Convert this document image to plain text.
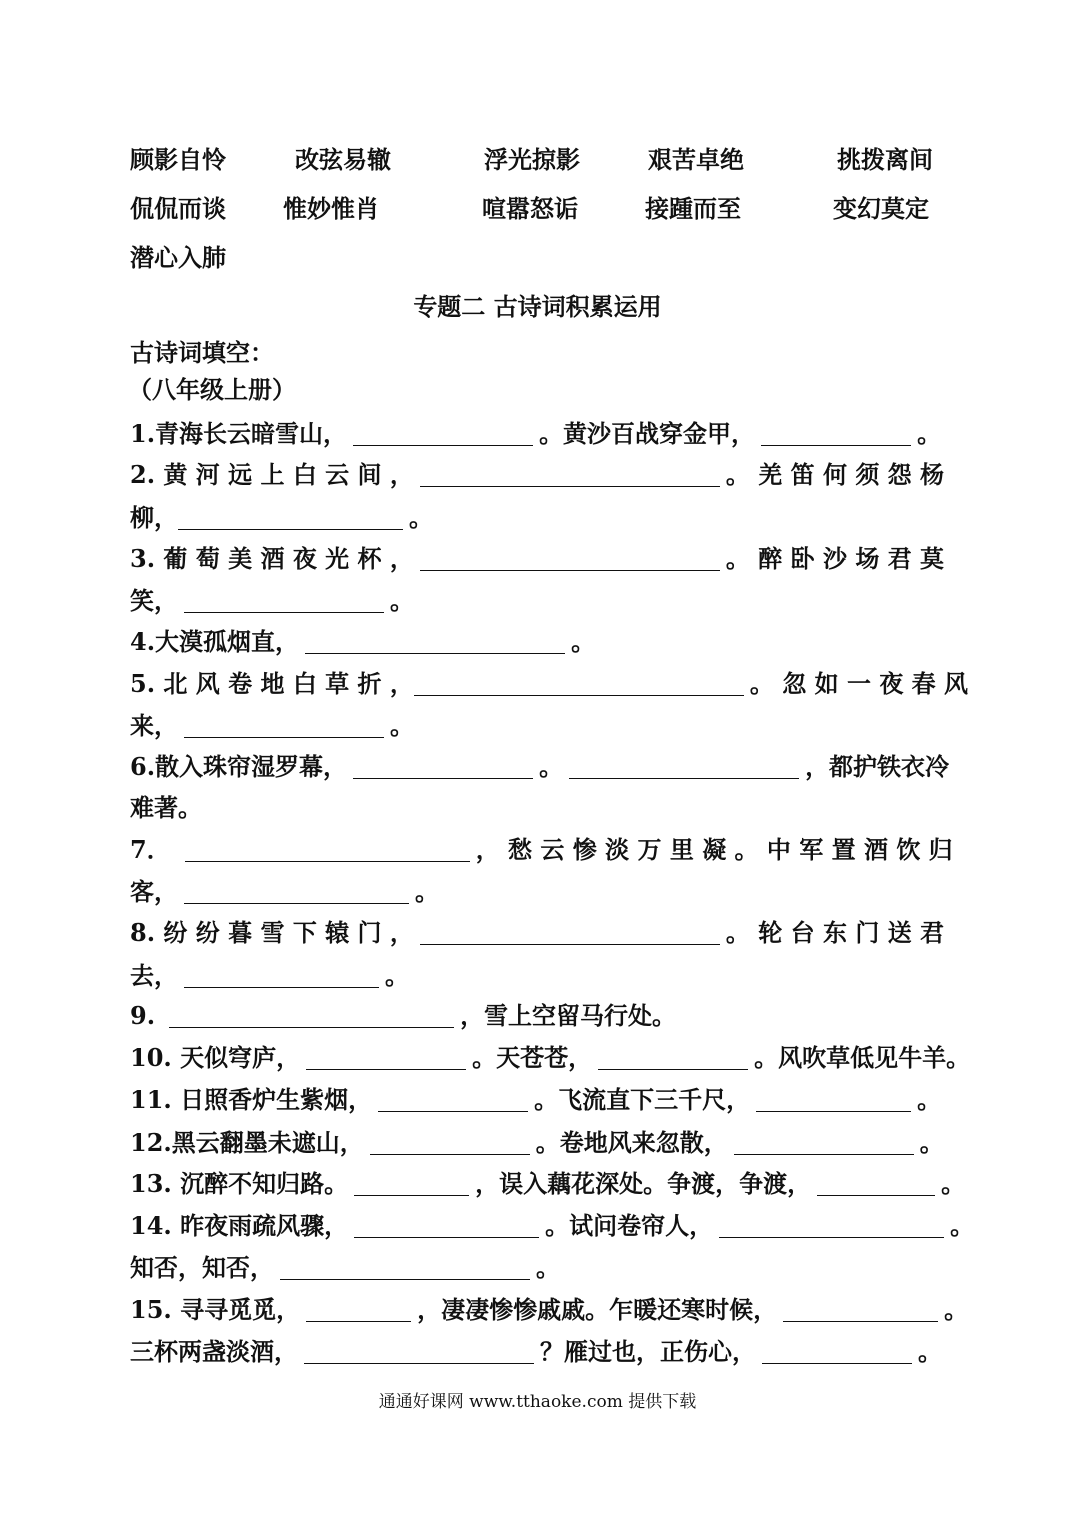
顾影自怜	改弦易辙	浮光掠影	艰苦卓绝	挑拨离间
侃侃而谈 惟妙惟肖	喧嚣怒诟	接踵而至	变幻莫定
潜心入肺
专题二 古诗词积累运用
古诗词填空：
（八年级上册）
1.青海长云暗雪山，	。黄沙百战穿金甲，	。
2. 黄 河 远 上 白 云 间 ，	。 羌 笛 何 须 怨 杨
柳，	。
3. 葡 萄 美 酒 夜 光 杯 ，	。 醉 卧 沙 场 君 莫
笑，	。
4.大漠孤烟直，	。
5. 北 风 卷 地 白 草 折 ，	。 忽 如 一 夜 春 风
来，	。
6.散入珠帘湿罗幕，	。	，都护铁衣冷
难著。
7．	， 愁 云 惨 淡 万 里 凝 。 中 军 置 酒 饮 归
客，	。
8. 纷 纷 暮 雪 下 辕 门 ，	。 轮 台 东 门 送 君
去，	。
9.	，雪上空留马行处。
10. 天似穹庐，	。天苍苍，	。风吹草低见牛羊。
11. 日照香炉生紫烟，	。飞流直下三千尺，	。
12.黑云翻墨未遮山，	。卷地风来忽散，	。
13. 沉醉不知归路。	，误入藕花深处。争渡，争渡，	。
14. 昨夜雨疏风骤，	。试问卷帘人，	。
知否，知否，	。
15. 寻寻觅觅，	，凄凄惨惨戚戚。乍暖还寒时候，	。
三杯两盏淡酒，	？雁过也，正伤心，	。
通通好课网 www.tthaoke.com 提供下载
